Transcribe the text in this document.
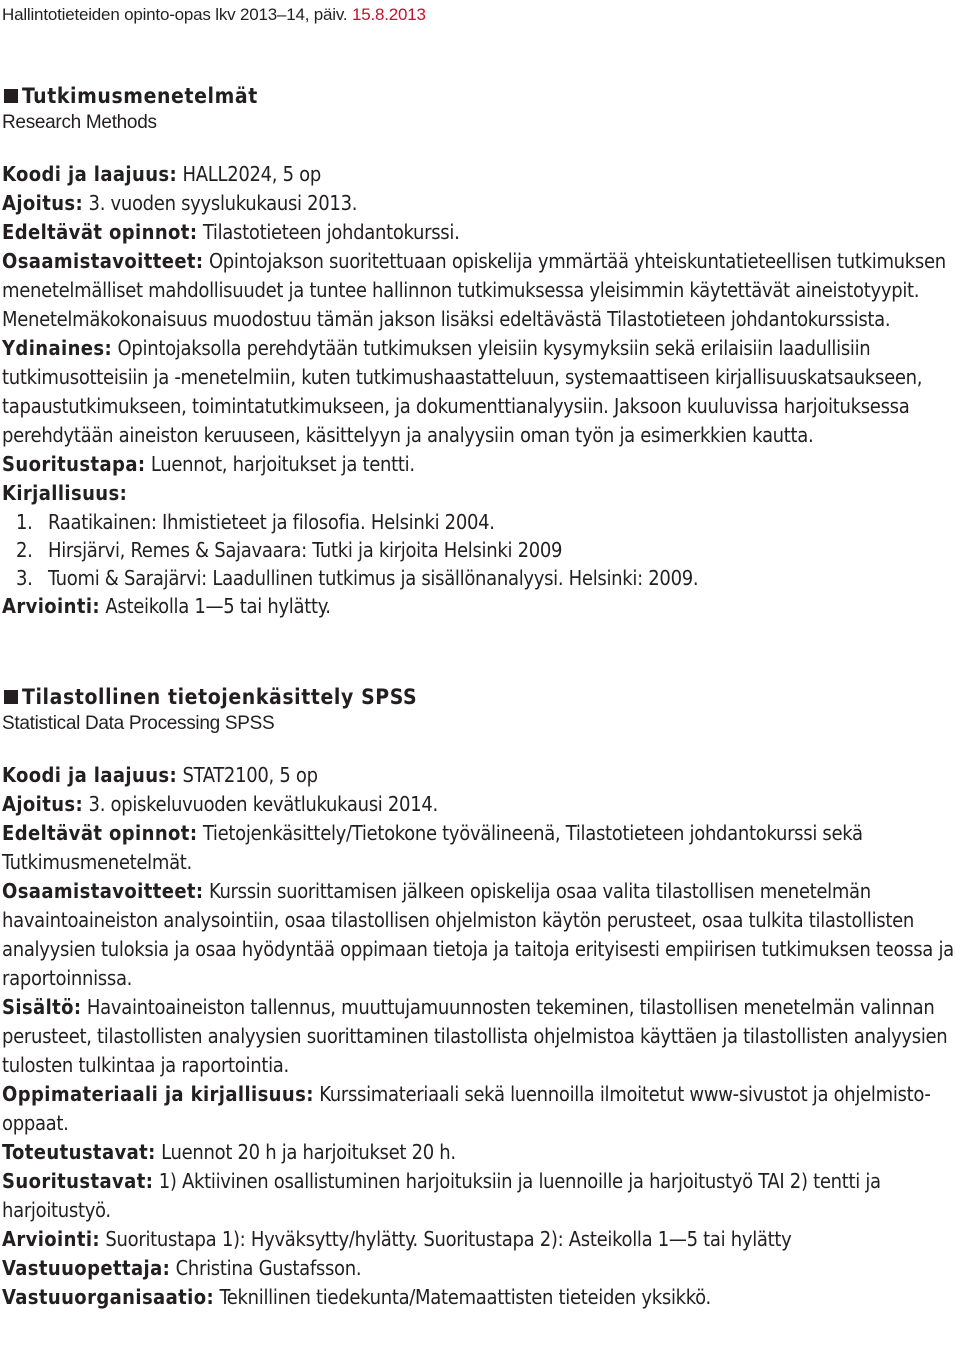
Hallintotieteiden opinto-opas lkv 2013–14, päiv. 15.8.2013
Tutkimusmenetelmät
Research Methods
Koodi ja laajuus: HALL2024, 5 op
Ajoitus: 3. vuoden syyslukukausi 2013.
Edeltävät opinnot: Tilastotieteen johdantokurssi.
Osaamistavoitteet: Opintojakson suoritettuaan opiskelija ymmärtää yhteiskuntatieteellisen tutkimuksen menetelmälliset mahdollisuudet ja tuntee hallinnon tutkimuksessa yleisimmin käytettävät aineistotyypit. Menetelmäkokonaisuus muodostuu tämän jakson lisäksi edeltävästä Tilastotieteen johdantokurssista.
Ydinaines: Opintojaksolla perehdytään tutkimuksen yleisiin kysymyksiin sekä erilaisiin laadullisiin tutkimusotteisiin ja -menetelmiin, kuten tutkimushaastatteluun, systemaattiseen kirjallisuuskatsaukseen, tapaustutkimukseen, toimintatutkimukseen, ja dokumenttianalyysiin. Jaksoon kuuluvissa harjoituksessa perehdytään aineiston keruuseen, käsittelyyn ja analyysiin oman työn ja esimerkkien kautta.
Suoritustapa: Luennot, harjoitukset ja tentti.
Kirjallisuus:
1. Raatikainen: Ihmistieteet ja filosofia. Helsinki 2004.
2. Hirsjärvi, Remes & Sajavaara: Tutki ja kirjoita Helsinki 2009
3. Tuomi & Sarajärvi: Laadullinen tutkimus ja sisällönanalyysi. Helsinki: 2009.
Arviointi: Asteikolla 1—5 tai hylätty.
Tilastollinen tietojenkäsittely SPSS
Statistical Data Processing SPSS
Koodi ja laajuus: STAT2100, 5 op
Ajoitus: 3. opiskeluvuoden kevätlukukausi 2014.
Edeltävät opinnot: Tietojenkäsittely/Tietokone työvälineenä, Tilastotieteen johdantokurssi sekä Tutkimusmenetelmät.
Osaamistavoitteet: Kurssin suorittamisen jälkeen opiskelija osaa valita tilastollisen menetelmän havaintoaineiston analysointiin, osaa tilastollisen ohjelmiston käytön perusteet, osaa tulkita tilastollisten analyysien tuloksia ja osaa hyödyntää oppimaan tietoja ja taitoja erityisesti empiirisen tutkimuksen teossa ja raportoinnissa.
Sisältö: Havaintoaineiston tallennus, muuttujamuunnosten tekeminen, tilastollisen menetelmän valinnan perusteet, tilastollisten analyysien suorittaminen tilastollista ohjelmistoa käyttäen ja tilastollisten analyysien tulosten tulkintaa ja raportointia.
Oppimateriaali ja kirjallisuus: Kurssimateriaali sekä luennoilla ilmoitetut www-sivustot ja ohjelmisto-oppaat.
Toteutustavat: Luennot 20 h ja harjoitukset 20 h.
Suoritustavat: 1) Aktiivinen osallistuminen harjoituksiin ja luennoille ja harjoitustyö TAI 2) tentti ja harjoitustyö.
Arviointi: Suoritustapa 1): Hyväksytty/hylätty. Suoritustapa 2): Asteikolla 1—5 tai hylätty
Vastuuopettaja: Christina Gustafsson.
Vastuuorganisaatio: Teknillinen tiedekunta/Matemaattisten tieteiden yksikkö.
